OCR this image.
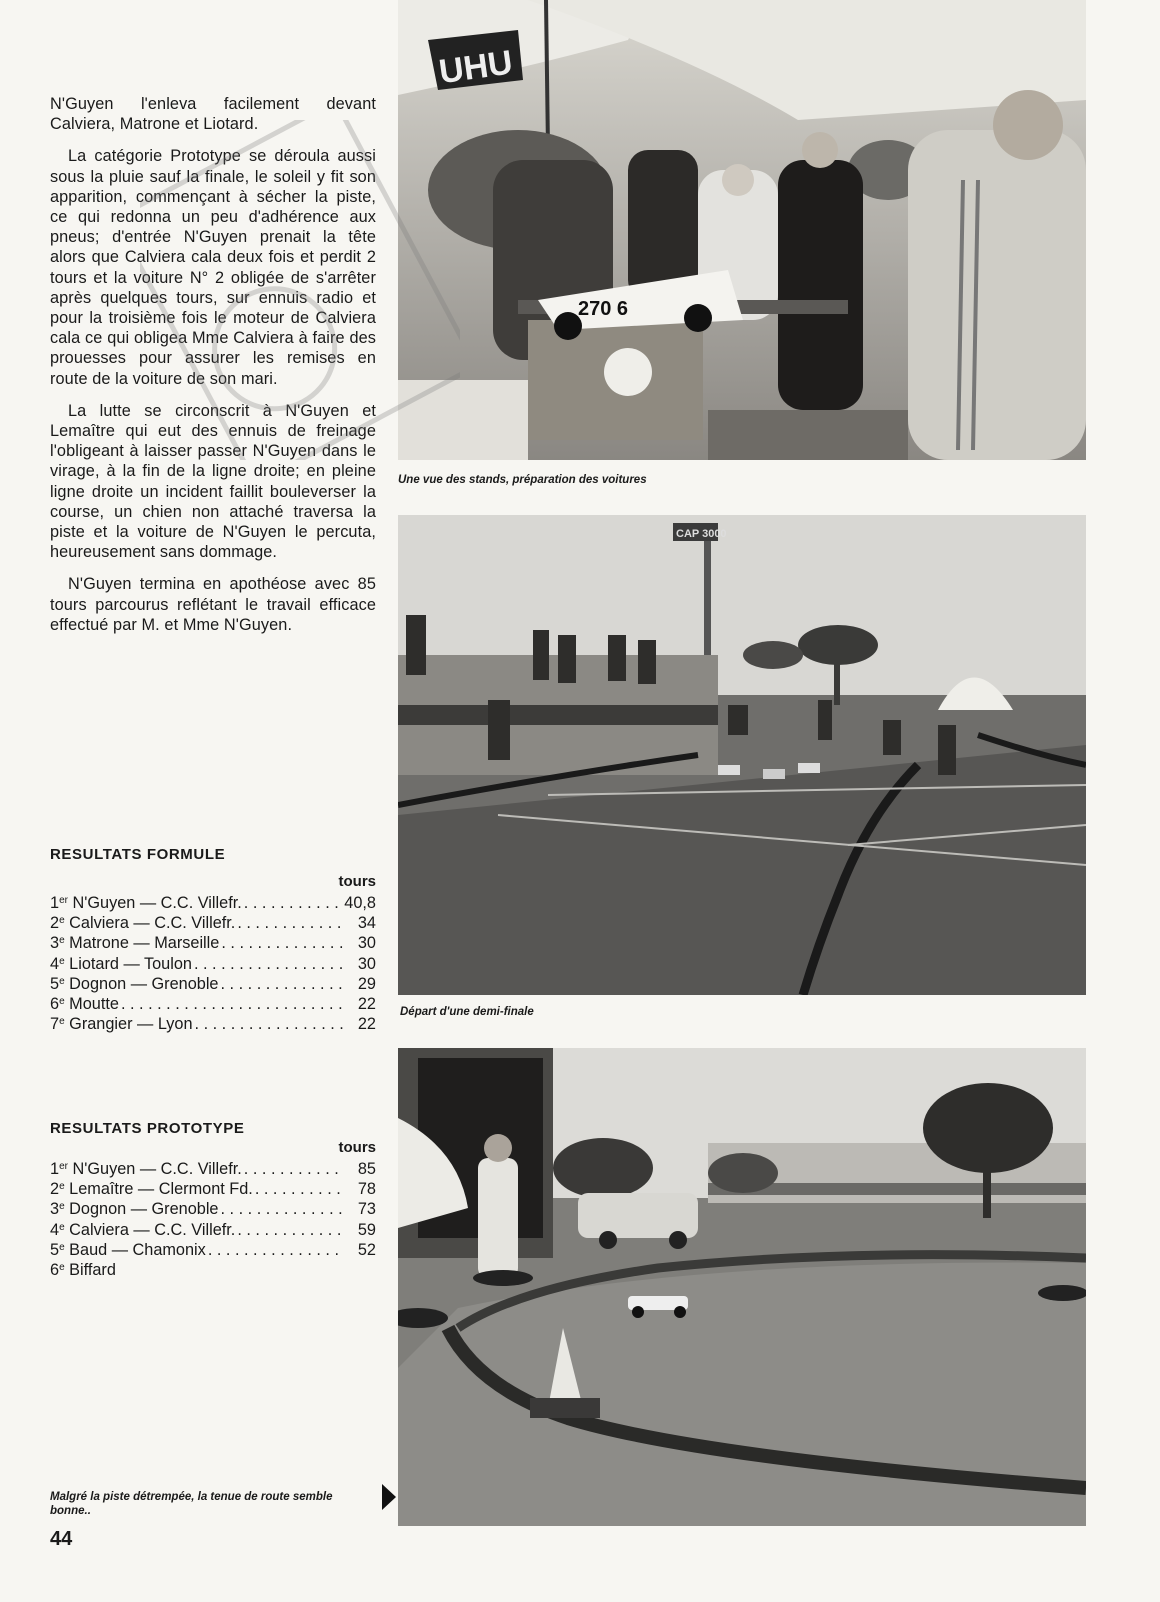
N'Guyen l'enleva facilement devant Calviera, Matrone et Liotard.

La catégorie Prototype se déroula aussi sous la pluie sauf la finale, le soleil y fit son apparition, commençant à sécher la piste, ce qui redonna un peu d'adhérence aux pneus; d'entrée N'Guyen prenait la tête alors que Calviera cala deux fois et perdit 2 tours et la voiture N° 2 obligée de s'arrêter après quelques tours, sur ennuis radio et pour la troisième fois le moteur de Calviera cala ce qui obligea Mme Calviera à faire des prouesses pour assurer les remises en route de la voiture de son mari.

La lutte se circonscrit à N'Guyen et Lemaître qui eut des ennuis de freinage l'obligeant à laisser passer N'Guyen dans le virage, à la fin de la ligne droite; en pleine ligne droite un incident faillit bouleverser la course, un chien non attaché traversa la piste et la voiture de N'Guyen le percuta, heureusement sans dommage.

N'Guyen termina en apothéose avec 85 tours parcourus reflétant le travail efficace effectué par M. et Mme N'Guyen.

RESULTATS FORMULE
tours
1er N'Guyen — C.C. Villefr. . . .	40,8
2e Calviera — C.C. Villefr. . . .	34
3e Matrone — Marseille . . .	30
4e Liotard — Toulon . . .	30
5e Dognon — Grenoble . . .	29
6e Moutte . . .	22
7e Grangier — Lyon . . .	22
RESULTATS PROTOTYPE
tours
1er N'Guyen — C.C. Villefr. . . .	85
2e Lemaître — Clermont Fd. . . .	78
3e Dognon — Grenoble . . .	73
4e Calviera — C.C. Villefr. . . .	59
5e Baud — Chamonix . . .	52
6e Biffard
UHU
270 6
Une vue des stands, préparation des voitures
CAP 3000
Départ d'une demi-finale
Malgré la piste détrempée, la tenue de route semble bonne..
44
